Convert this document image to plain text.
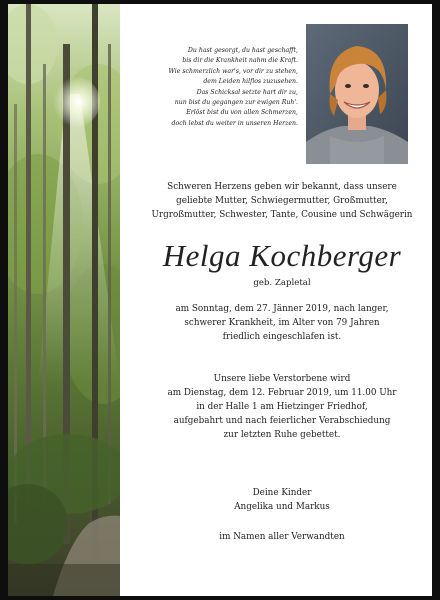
Du hast gesorgt, du hast geschafft,
bis dir die Krankheit nahm die Kraft.
Wie schmerzlich war's, vor dir zu stehen,
dem Leiden hilflos zuzusehen.
Das Schicksal setzte hart dir zu,
nun bist du gegangen zur ewigen Ruh'.
Erlöst bist du von allen Schmerzen,
doch lebst du weiter in unseren Herzen.
Schweren Herzens geben wir bekannt, dass unsere
geliebte Mutter, Schwiegermutter, Großmutter,
Urgroßmutter, Schwester, Tante, Cousine und Schwägerin
Helga Kochberger
geb. Zapletal
am Sonntag, dem 27. Jänner 2019, nach langer,
schwerer Krankheit, im Alter von 79 Jahren
friedlich eingeschlafen ist.
Unsere liebe Verstorbene wird
am Dienstag, dem 12. Februar 2019, um 11.00 Uhr
in der Halle 1 am Hietzinger Friedhof,
aufgebahrt und nach feierlicher Verabschiedung
zur letzten Ruhe gebettet.
Deine Kinder
Angelika und Markus
im Namen aller Verwandten
